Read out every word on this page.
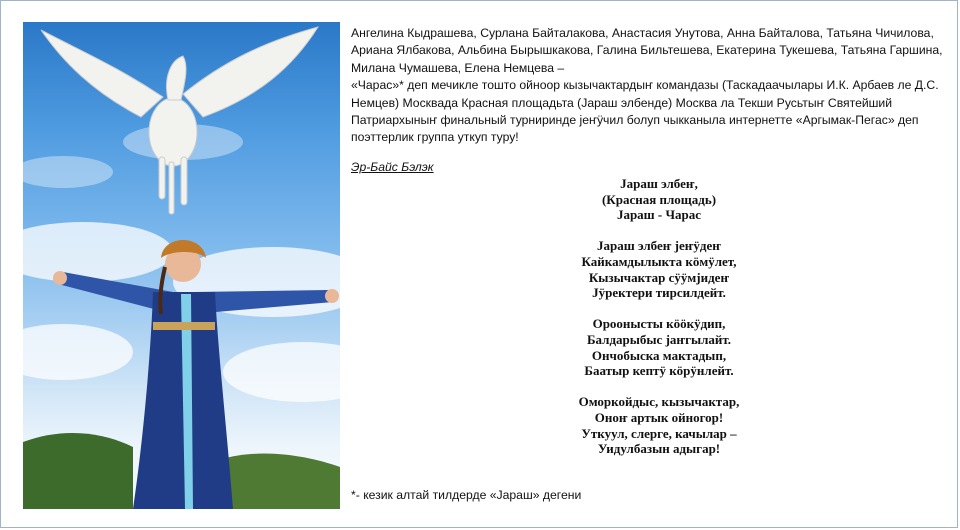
Ангелина Кыдрашева, Сурлана Байталакова, Анастасия Унутова, Анна Байталова, Татьяна Чичилова, Ариана Ялбакова, Альбина Бырышкакова, Галина Бильтешева, Екатерина Тукешева, Татьяна Гаршина, Милана Чумашева, Елена Немцева –

«Чарас»* деп мечикле тошто ойноор кызычактардыҥ командазы (Таскадаачылары И.К. Арбаев ле Д.С. Немцев) Москвада Красная площадьта (Јараш элбенде) Москва ла Текши Русьтыҥ Святейший Патриархыныҥ финальный турниринде јеҥӱчил болуп чыкканыла интернетте «Аргымак-Пегас» деп поэттерлик группа уткуп туру!

Эр-Байс Бэлэк
Јараш элбеҥ,
(Красная площадь)
Јараш - Чарас
Јараш элбеҥ јеҥӱдеҥ
Кайкамдылыкта кӧмӱлет,
Кызычактар сӱӱмјидеҥ
Јӱректери тирсилдейт.
Ороонысты кӧӧкӱдип,
Балдарыбыс јаҥгылайт.
Ончобыска мактадып,
Баатыр кептӱ кӧрӱнлейт.
Оморкойдыс, кызычактар,
Оноҥ артык ойногор!
Уткуул, слерге, качылар –
Уидулбазын адыгар!
*- кезик алтай тилдерде «Јараш» дегени
